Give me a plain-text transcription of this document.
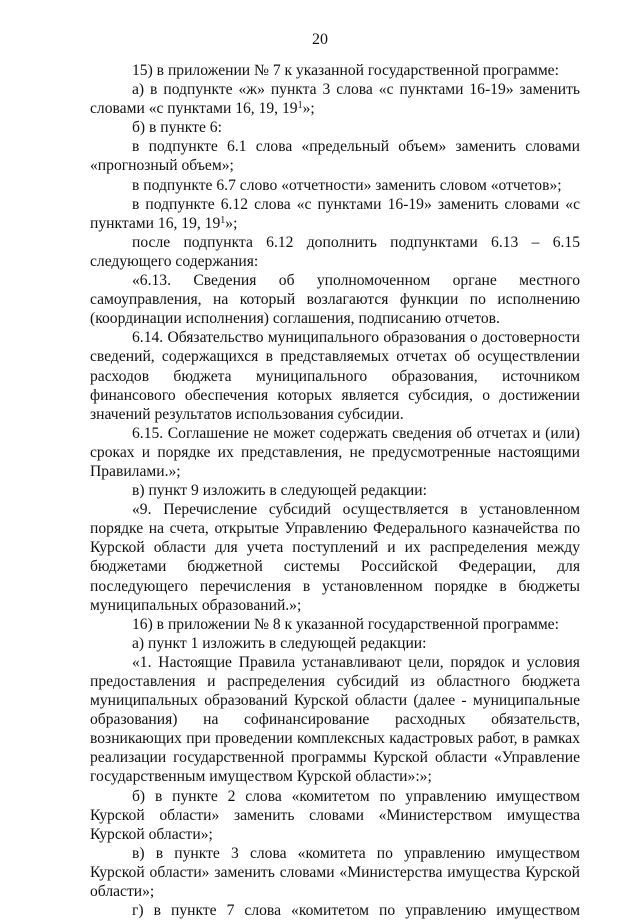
20

15) в приложении № 7 к указанной государственной программе:

а) в подпункте «ж» пункта 3 слова «с пунктами 16-19» заменить словами «с пунктами 16, 19, $19^1$»;

б) в пункте 6:

в подпункте 6.1 слова «предельный объем» заменить словами «прогнозный объем»;

в подпункте 6.7 слово «отчетности» заменить словом «отчетов»;

в подпункте 6.12 слова «с пунктами 16-19» заменить словами «с пунктами 16, 19, $19^1$»;

после подпункта 6.12 дополнить подпунктами 6.13 – 6.15 следующего содержания:

«6.13. Сведения об уполномоченном органе местного самоуправления, на который возлагаются функции по исполнению (координации исполнения) соглашения, подписанию отчетов.

6.14. Обязательство муниципального образования о достоверности сведений, содержащихся в представляемых отчетах об осуществлении расходов бюджета муниципального образования, источником финансового обеспечения которых является субсидия, о достижении значений результатов использования субсидии.

6.15. Соглашение не может содержать сведения об отчетах и (или) сроках и порядке их представления, не предусмотренные настоящими Правилами.»;

в) пункт 9 изложить в следующей редакции:

«9. Перечисление субсидий осуществляется в установленном порядке на счета, открытые Управлению Федерального казначейства по Курской области для учета поступлений и их распределения между бюджетами бюджетной системы Российской Федерации, для последующего перечисления в установленном порядке в бюджеты муниципальных образований.»;

16) в приложении № 8 к указанной государственной программе:

а) пункт 1 изложить в следующей редакции:

«1. Настоящие Правила устанавливают цели, порядок и условия предоставления и распределения субсидий из областного бюджета муниципальных образований Курской области (далее - муниципальные образования) на софинансирование расходных обязательств, возникающих при проведении комплексных кадастровых работ, в рамках реализации государственной программы Курской области «Управление государственным имуществом Курской области»:»;

б) в пункте 2 слова «комитетом по управлению имуществом Курской области» заменить словами «Министерством имущества Курской области»;

в) в пункте 3 слова «комитета по управлению имуществом Курской области» заменить словами «Министерства имущества Курской области»;

г) в пункте 7 слова «комитетом по управлению имуществом
